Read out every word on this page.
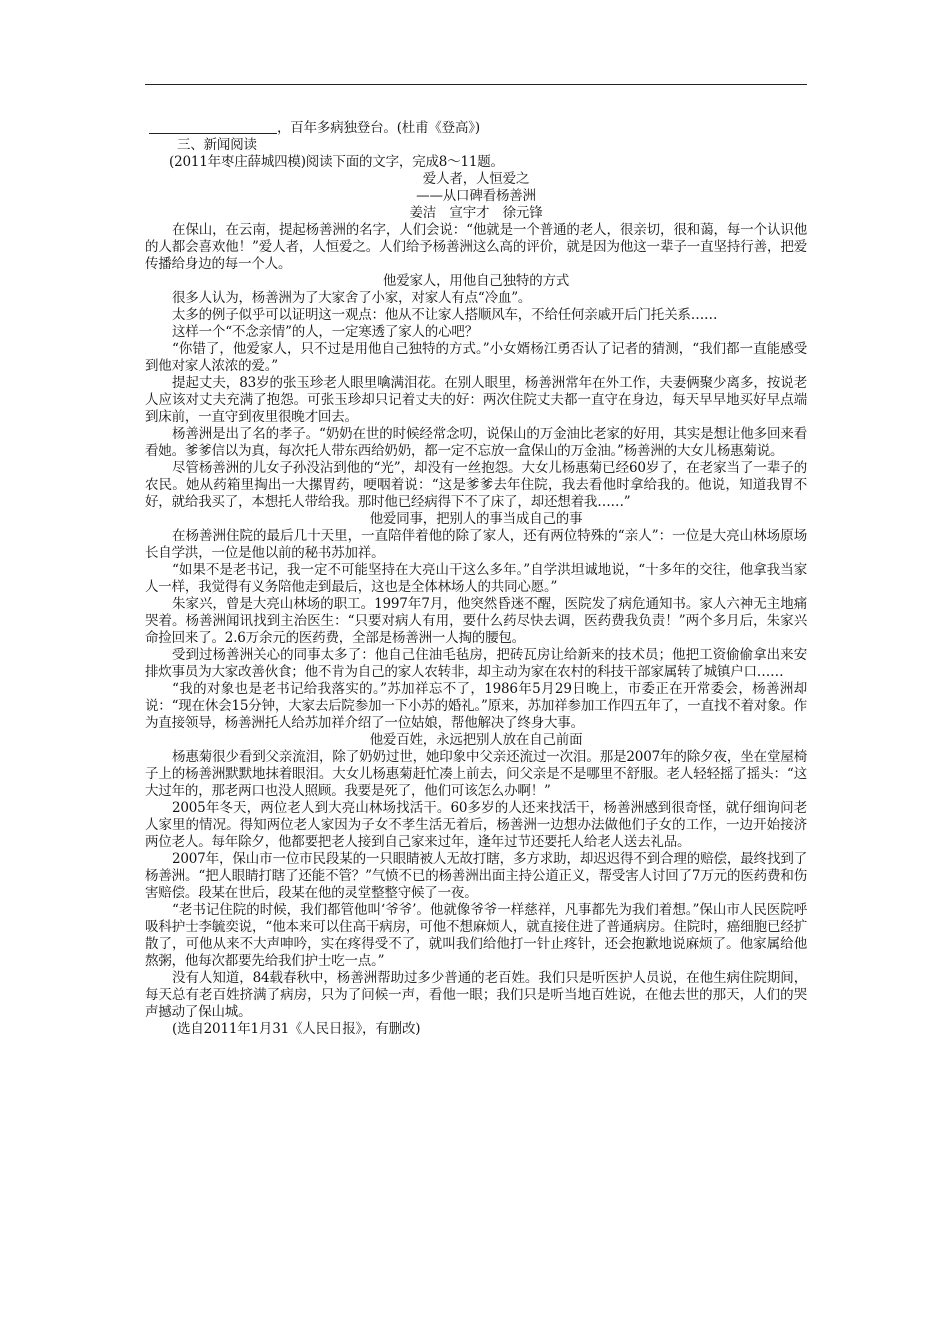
，百年多病独登台。(杜甫《登高》)

三、新闻阅读

(2011年枣庄薛城四模)阅读下面的文字，完成8～11题。

爱人者，人恒爱之

——从口碑看杨善洲

姜洁　宣宇才　徐元锋

在保山，在云南，提起杨善洲的名字，人们会说：“他就是一个普通的老人，很亲切，很和蔼，每一个认识他的人都会喜欢他！”爱人者，人恒爱之。人们给予杨善洲这么高的评价，就是因为他这一辈子一直坚持行善，把爱传播给身边的每一个人。

他爱家人，用他自己独特的方式

很多人认为，杨善洲为了大家舍了小家，对家人有点“冷血”。

太多的例子似乎可以证明这一观点：他从不让家人搭顺风车，不给任何亲戚开后门托关系……

这样一个“不念亲情”的人，一定寒透了家人的心吧？

“你错了，他爱家人，只不过是用他自己独特的方式。”小女婿杨江勇否认了记者的猜测，“我们都一直能感受到他对家人浓浓的爱。”

提起丈夫，83岁的张玉珍老人眼里噙满泪花。在别人眼里，杨善洲常年在外工作，夫妻俩聚少离多，按说老人应该对丈夫充满了抱怨。可张玉珍却只记着丈夫的好：两次住院丈夫都一直守在身边，每天早早地买好早点端到床前，一直守到夜里很晚才回去。

杨善洲是出了名的孝子。“奶奶在世的时候经常念叨，说保山的万金油比老家的好用，其实是想让他多回来看看她。爹爹信以为真，每次托人带东西给奶奶，都一定不忘放一盒保山的万金油。”杨善洲的大女儿杨惠菊说。

尽管杨善洲的儿女子孙没沾到他的“光”，却没有一丝抱怨。大女儿杨惠菊已经60岁了，在老家当了一辈子的农民。她从药箱里掏出一大摞胃药，哽咽着说：“这是爹爹去年住院，我去看他时拿给我的。他说，知道我胃不好，就给我买了，本想托人带给我。那时他已经病得下不了床了，却还想着我……”

他爱同事，把别人的事当成自己的事

在杨善洲住院的最后几十天里，一直陪伴着他的除了家人，还有两位特殊的“亲人”：一位是大亮山林场原场长自学洪，一位是他以前的秘书苏加祥。

“如果不是老书记，我一定不可能坚持在大亮山干这么多年。”自学洪坦诚地说，“十多年的交往，他拿我当家人一样，我觉得有义务陪他走到最后，这也是全体林场人的共同心愿。”

朱家兴，曾是大亮山林场的职工。1997年7月，他突然昏迷不醒，医院发了病危通知书。家人六神无主地痛哭着。杨善洲闻讯找到主治医生：“只要对病人有用，要什么药尽快去调，医药费我负责！”两个多月后，朱家兴命捡回来了。2.6万余元的医药费，全部是杨善洲一人掏的腰包。

受到过杨善洲关心的同事太多了：他自己住油毛毡房，把砖瓦房让给新来的技术员；他把工资偷偷拿出来安排炊事员为大家改善伙食；他不肯为自己的家人农转非，却主动为家在农村的科技干部家属转了城镇户口……

“我的对象也是老书记给我落实的。”苏加祥忘不了，1986年5月29日晚上，市委正在开常委会，杨善洲却说：“现在休会15分钟，大家去后院参加一下小苏的婚礼。”原来，苏加祥参加工作四五年了，一直找不着对象。作为直接领导，杨善洲托人给苏加祥介绍了一位姑娘，帮他解决了终身大事。

他爱百姓，永远把别人放在自己前面

杨惠菊很少看到父亲流泪，除了奶奶过世，她印象中父亲还流过一次泪。那是2007年的除夕夜，坐在堂屋椅子上的杨善洲默默地抹着眼泪。大女儿杨惠菊赶忙凑上前去，问父亲是不是哪里不舒服。老人轻轻摇了摇头：“这大过年的，那老两口也没人照顾。我要是死了，他们可该怎么办啊！”

2005年冬天，两位老人到大亮山林场找活干。60多岁的人还来找活干，杨善洲感到很奇怪，就仔细询问老人家里的情况。得知两位老人家因为子女不孝生活无着后，杨善洲一边想办法做他们子女的工作，一边开始接济两位老人。每年除夕，他都要把老人接到自己家来过年，逢年过节还要托人给老人送去礼品。

2007年，保山市一位市民段某的一只眼睛被人无故打瞎，多方求助，却迟迟得不到合理的赔偿，最终找到了杨善洲。“把人眼睛打瞎了还能不管？”气愤不已的杨善洲出面主持公道正义，帮受害人讨回了7万元的医药费和伤害赔偿。段某在世后，段某在他的灵堂整整守候了一夜。

“老书记住院的时候，我们都管他叫‘爷爷’。他就像爷爷一样慈祥，凡事都先为我们着想。”保山市人民医院呼吸科护士李毓奕说，“他本来可以住高干病房，可他不想麻烦人，就直接住进了普通病房。住院时，癌细胞已经扩散了，可他从来不大声呻吟，实在疼得受不了，就叫我们给他打一针止疼针，还会抱歉地说麻烦了。他家属给他熬粥，他每次都要先给我们护士吃一点。”

没有人知道，84载春秋中，杨善洲帮助过多少普通的老百姓。我们只是听医护人员说，在他生病住院期间，每天总有老百姓挤满了病房，只为了问候一声，看他一眼；我们只是听当地百姓说，在他去世的那天，人们的哭声撼动了保山城。

(选自2011年1月31《人民日报》，有删改)
